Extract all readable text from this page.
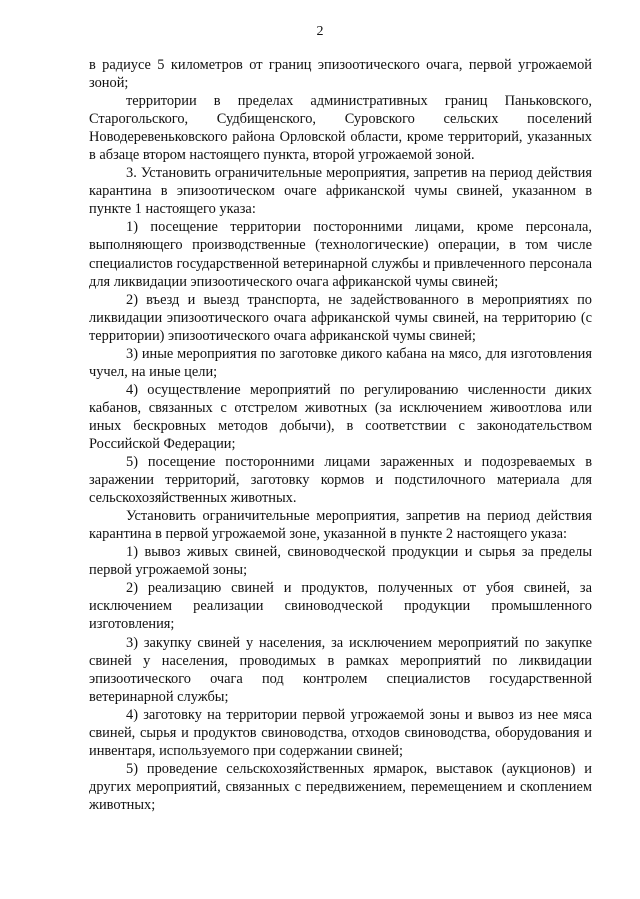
2

в радиусе 5 километров от границ эпизоотического очага, первой угрожаемой зоной;

территории в пределах административных границ Паньковского, Старогольского, Судбищенского, Суровского сельских поселений Новодеревеньковского района Орловской области, кроме территорий, указанных в абзаце втором настоящего пункта, второй угрожаемой зоной.

3. Установить ограничительные мероприятия, запретив на период действия карантина в эпизоотическом очаге африканской чумы свиней, указанном в пункте 1 настоящего указа:

1) посещение территории посторонними лицами, кроме персонала, выполняющего производственные (технологические) операции, в том числе специалистов государственной ветеринарной службы и привлеченного персонала для ликвидации эпизоотического очага африканской чумы свиней;

2) въезд и выезд транспорта, не задействованного в мероприятиях по ликвидации эпизоотического очага африканской чумы свиней, на территорию (с территории) эпизоотического очага африканской чумы свиней;

3) иные мероприятия по заготовке дикого кабана на мясо, для изготовления чучел, на иные цели;

4) осуществление мероприятий по регулированию численности диких кабанов, связанных с отстрелом животных (за исключением живоотлова или иных бескровных методов добычи), в соответствии с законодательством Российской Федерации;

5) посещение посторонними лицами зараженных и подозреваемых в заражении территорий, заготовку кормов и подстилочного материала для сельскохозяйственных животных.

Установить ограничительные мероприятия, запретив на период действия карантина в первой угрожаемой зоне, указанной в пункте 2 настоящего указа:

1) вывоз живых свиней, свиноводческой продукции и сырья за пределы первой угрожаемой зоны;

2) реализацию свиней и продуктов, полученных от убоя свиней, за исключением реализации свиноводческой продукции промышленного изготовления;

3) закупку свиней у населения, за исключением мероприятий по закупке свиней у населения, проводимых в рамках мероприятий по ликвидации эпизоотического очага под контролем специалистов государственной ветеринарной службы;

4) заготовку на территории первой угрожаемой зоны и вывоз из нее мяса свиней, сырья и продуктов свиноводства, отходов свиноводства, оборудования и инвентаря, используемого при содержании свиней;

5) проведение сельскохозяйственных ярмарок, выставок (аукционов) и других мероприятий, связанных с передвижением, перемещением и скоплением животных;
